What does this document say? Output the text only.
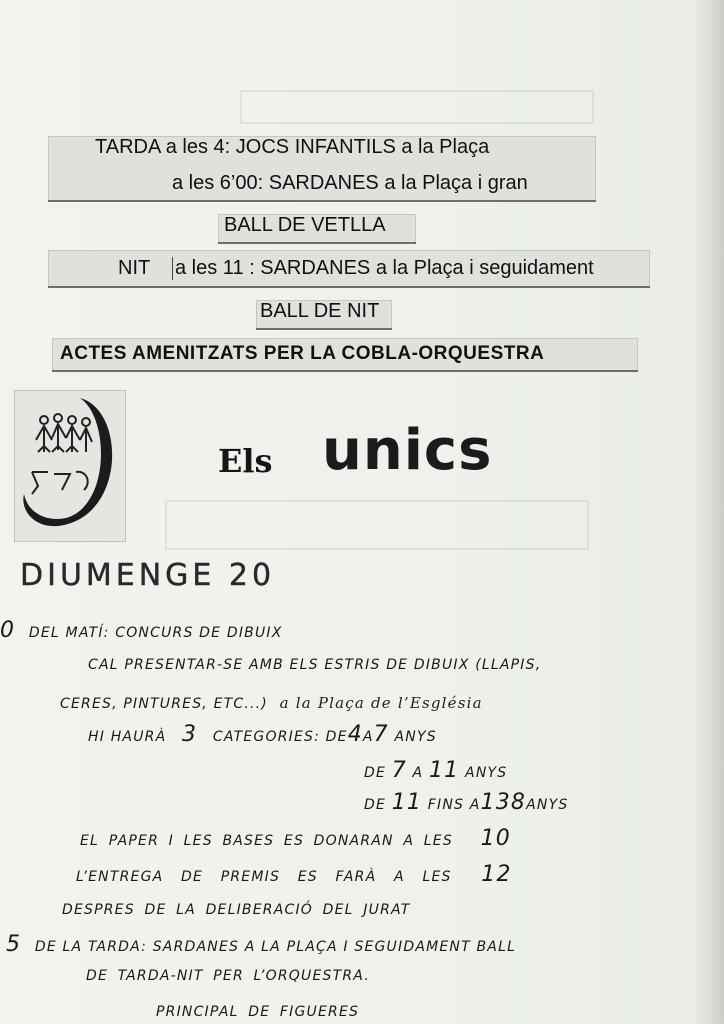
TARDA a les 4: JOCS INFANTILS a la Plaça
a les 6’00: SARDANES a la Plaça i gran
BALL DE VETLLA
NIT a les 11 : SARDANES a la Plaça i seguidament
BALL DE NIT
ACTES AMENITZATS PER LA COBLA-ORQUESTRA
Els unics
DIUMENGE 20
0 DEL MATÍ: CONCURS DE DIBUIX
CAL PRESENTAR-SE AMB ELS ESTRIS DE DIBUIX (LLAPIS,
CERES, PINTURES, ETC...) a la Plaça de l’Església
HI HAURÀ 3 CATEGORIES: DE4A7 ANYS
DE 7 A 11 ANYS
DE 11 FINS A138ANYS
EL PAPER I LES BASES ES DONARAN A LES 10
L’ENTREGA DE PREMIS ES FARÀ A LES 12
DESPRES DE LA DELIBERACIÓ DEL JURAT
5 DE LA TARDA: SARDANES A LA PLAÇA I SEGUIDAMENT BALL
DE TARDA-NIT PER L’ORQUESTRA.
PRINCIPAL DE FIGUERES
